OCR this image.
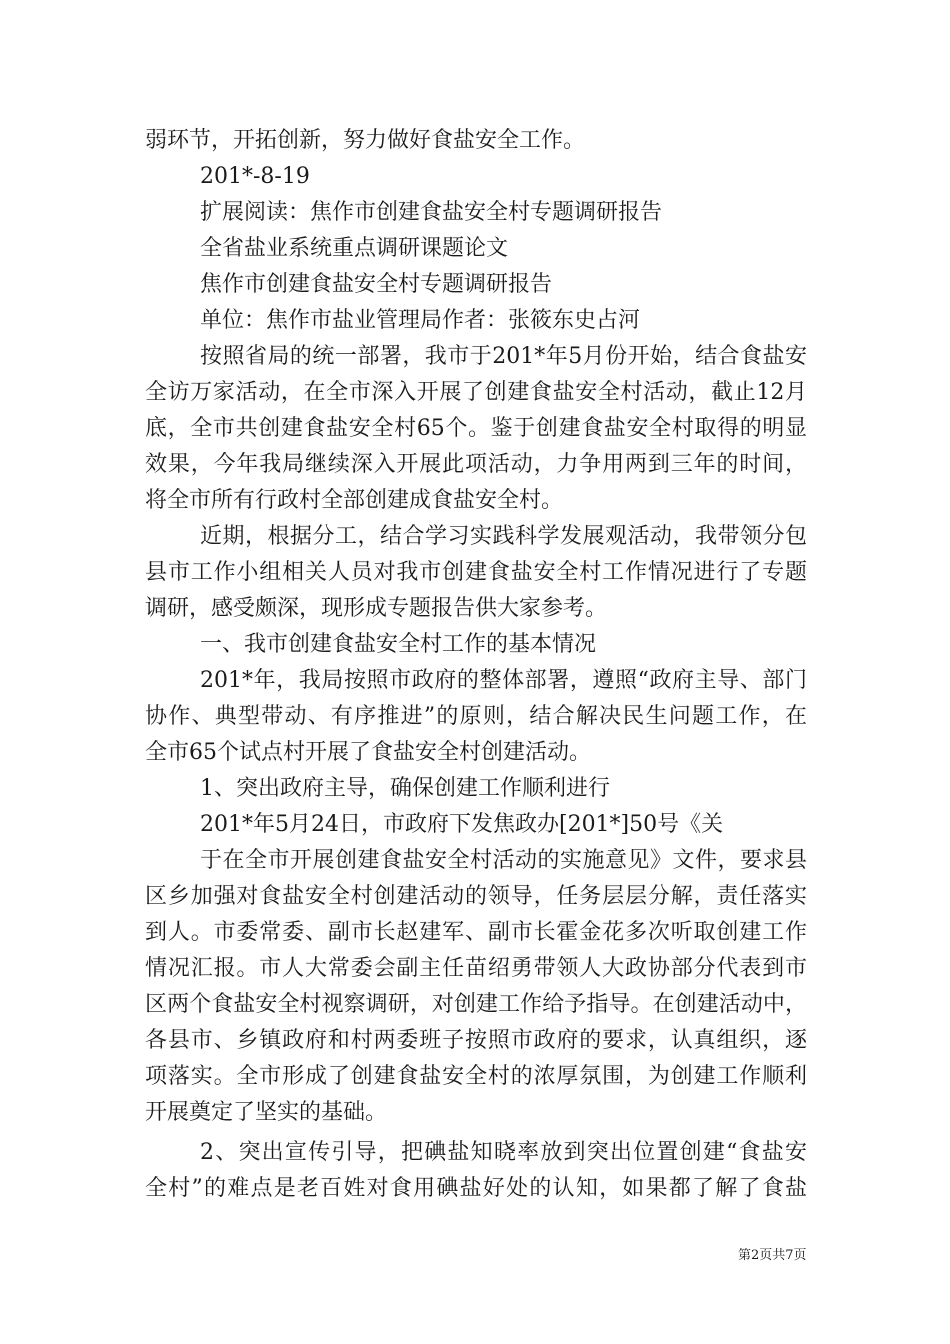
弱环节，开拓创新，努力做好食盐安全工作。
201*-8-19
扩展阅读：焦作市创建食盐安全村专题调研报告
全省盐业系统重点调研课题论文
焦作市创建食盐安全村专题调研报告
单位：焦作市盐业管理局作者：张筱东史占河
按照省局的统一部署，我市于201*年5月份开始，结合食盐安
全访万家活动，在全市深入开展了创建食盐安全村活动，截止12月
底，全市共创建食盐安全村65个。鉴于创建食盐安全村取得的明显
效果，今年我局继续深入开展此项活动，力争用两到三年的时间，
将全市所有行政村全部创建成食盐安全村。
近期，根据分工，结合学习实践科学发展观活动，我带领分包
县市工作小组相关人员对我市创建食盐安全村工作情况进行了专题
调研，感受颇深，现形成专题报告供大家参考。
一、我市创建食盐安全村工作的基本情况
201*年，我局按照市政府的整体部署，遵照“政府主导、部门
协作、典型带动、有序推进”的原则，结合解决民生问题工作，在
全市65个试点村开展了食盐安全村创建活动。
1、突出政府主导，确保创建工作顺利进行
201*年5月24日，市政府下发焦政办[201*]50号《关
于在全市开展创建食盐安全村活动的实施意见》文件，要求县
区乡加强对食盐安全村创建活动的领导，任务层层分解，责任落实
到人。市委常委、副市长赵建军、副市长霍金花多次听取创建工作
情况汇报。市人大常委会副主任苗绍勇带领人大政协部分代表到市
区两个食盐安全村视察调研，对创建工作给予指导。在创建活动中，
各县市、乡镇政府和村两委班子按照市政府的要求，认真组织，逐
项落实。全市形成了创建食盐安全村的浓厚氛围，为创建工作顺利
开展奠定了坚实的基础。
2、突出宣传引导，把碘盐知晓率放到突出位置创建“食盐安
全村”的难点是老百姓对食用碘盐好处的认知，如果都了解了食盐
第2页共7页
